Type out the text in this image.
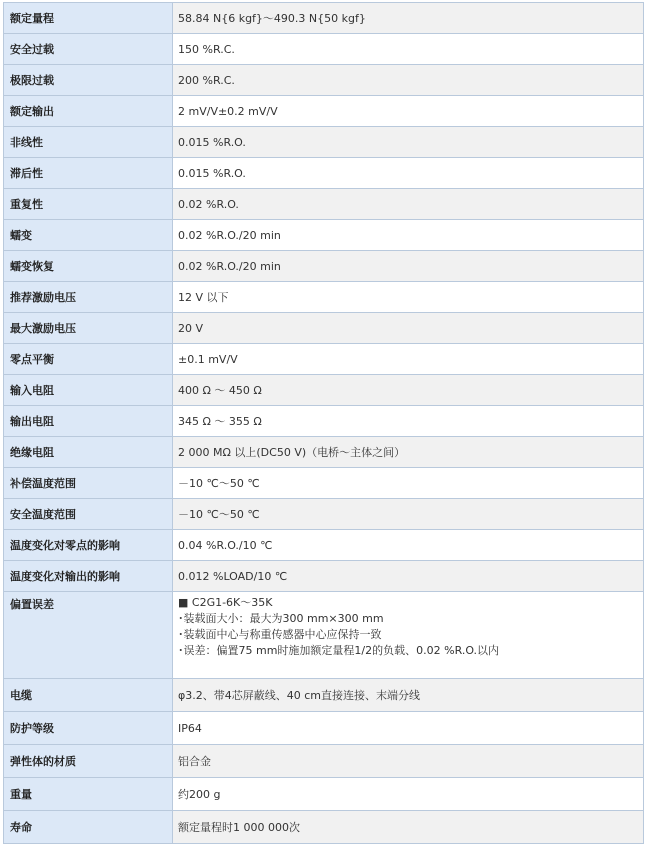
额定量程	58.84 N{6 kgf}～490.3 N{50 kgf}
安全过载	150 %R.C.
极限过载	200 %R.C.
额定输出	2 mV/V±0.2 mV/V
非线性	0.015 %R.O.
滞后性	0.015 %R.O.
重复性	0.02 %R.O.
蠕变	0.02 %R.O./20 min
蠕变恢复	0.02 %R.O./20 min
推荐激励电压	12 V 以下
最大激励电压	20 V
零点平衡	±0.1 mV/V
输入电阻	400 Ω ～ 450 Ω
输出电阻	345 Ω ～ 355 Ω
绝缘电阻	2 000 MΩ 以上(DC50 V)（电桥～主体之间）
补偿温度范围	－10 ℃～50 ℃
安全温度范围	－10 ℃～50 ℃
温度变化对零点的影响	0.04 %R.O./10 ℃
温度变化对输出的影响	0.012 %LOAD/10 ℃
偏置误差	■ C2G1-6K～35K
･装载面大小：最大为300 mm×300 mm
･装载面中心与称重传感器中心应保持一致
･误差：偏置75 mm时施加额定量程1/2的负载、0.02 %R.O.以内

电缆	φ3.2、带4芯屏蔽线、40 cm直接连接、末端分线
防护等级	IP64
弹性体的材质	铝合金
重量	约200 g
寿命	额定量程时1 000 000次
